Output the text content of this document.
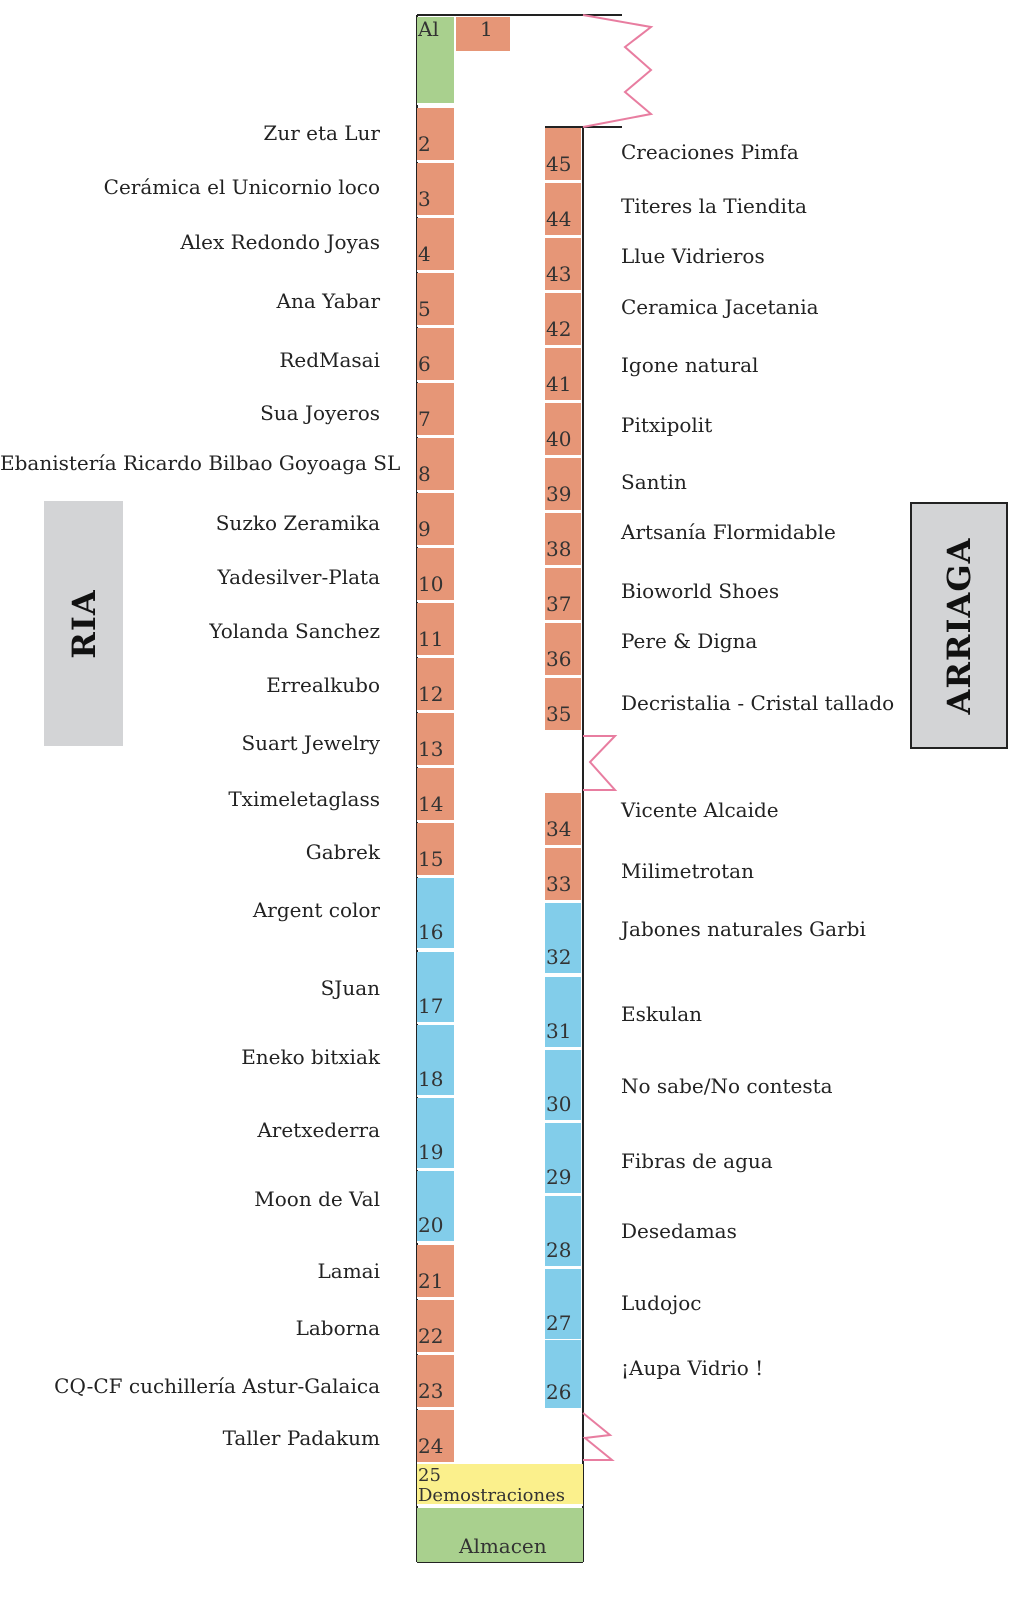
RIA	ARRIAGA
Al 1
25 Demostraciones
Almacen
2
Zur eta Lur
3
Cerámica el Unicornio loco
4
Alex Redondo Joyas
5
Ana Yabar
6
RedMasai
7
Sua Joyeros
8
Ebanistería Ricardo Bilbao Goyoaga SL
9
Suzko Zeramika
10
Yadesilver-Plata
11
Yolanda Sanchez
12
Errealkubo
13
Suart Jewelry
14
Tximeletaglass
15
Gabrek
16
Argent color
17
SJuan
18
Eneko bitxiak
19
Aretxederra
20
Moon de Val
21
Lamai
22
Laborna
23
CQ-CF cuchillería Astur-Galaica
24
Taller Padakum
45 Creaciones Pimfa
44
Titeres la Tiendita
43
Llue Vidrieros
42
Ceramica Jacetania
41
Igone natural
40
Pitxipolit
39 Santin
38
Artsanía Flormidable
37
Bioworld Shoes
36
Pere & Digna
35 Decristalia - Cristal tallado
34
Vicente Alcaide
33
Milimetrotan
32
Jabones naturales Garbi
31
Eskulan
30
No sabe/No contesta
29
Fibras de agua
28
Desedamas
27
Ludojoc
26
¡Aupa Vidrio !
